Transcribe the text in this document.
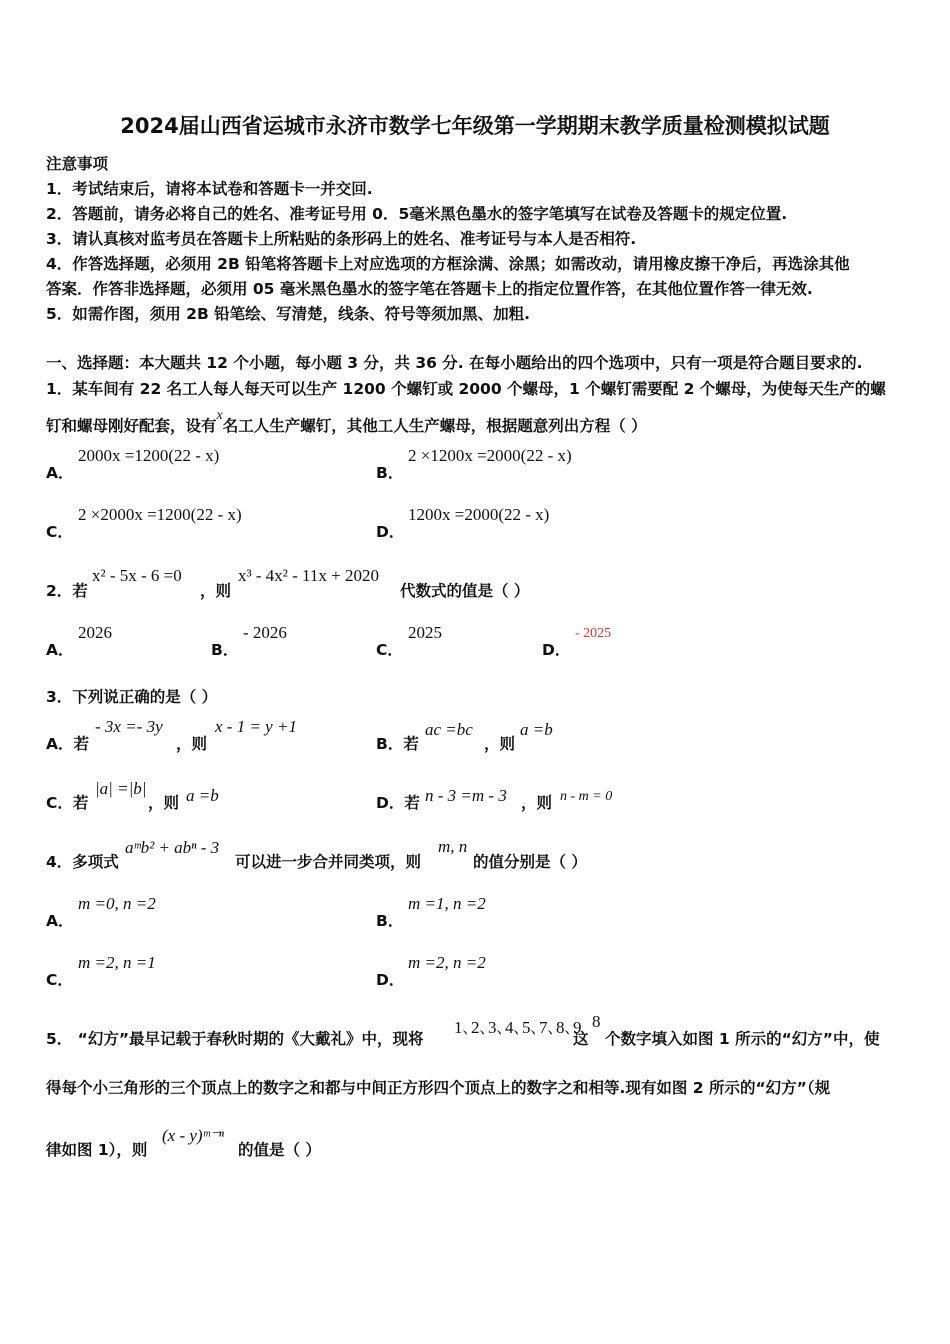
2024届山西省运城市永济市数学七年级第一学期期末教学质量检测模拟试题
注意事项
1．考试结束后，请将本试卷和答题卡一并交回.
2．答题前，请务必将自己的姓名、准考证号用 0．5毫米黑色墨水的签字笔填写在试卷及答题卡的规定位置.
3．请认真核对监考员在答题卡上所粘贴的条形码上的姓名、准考证号与本人是否相符.
4．作答选择题，必须用 2B 铅笔将答题卡上对应选项的方框涂满、涂黑；如需改动，请用橡皮擦干净后，再选涂其他
答案．作答非选择题，必须用 05 毫米黑色墨水的签字笔在答题卡上的指定位置作答，在其他位置作答一律无效.
5．如需作图，须用 2B 铅笔绘、写清楚，线条、符号等须加黑、加粗.
一、选择题：本大题共 12 个小题，每小题 3 分，共 36 分. 在每小题给出的四个选项中，只有一项是符合题目要求的.
1．某车间有 22 名工人每人每天可以生产 1200 个螺钉或 2000 个螺母，1 个螺钉需要配 2 个螺母，为使每天生产的螺
钉和螺母刚好配套，设有x名工人生产螺钉，其他工人生产螺母，根据题意列出方程（ ）
A．
2000x =1200(22 - x)
B．
2 ×1200x =2000(22 - x)
C．
2 ×2000x =1200(22 - x)
D．
1200x =2000(22 - x)
2．若
x² - 5x - 6 =0
，则
x³ - 4x² - 11x + 2020
代数式的值是（ ）
A．
2026
B．
- 2026
C．
2025
D．
- 2025
3．下列说正确的是（ ）
A．若
- 3x =- 3y
，则
x - 1 = y +1
B．若
ac =bc
，则
a =b
C．若
|a| =|b|
，则 a =b	D．若 n - 3 =m - 3 ，则 n - m = 0
4．多项式
aᵐb² + abⁿ - 3
可以进一步合并同类项，则
m, n
的值分别是（ ）
A．
m =0, n =2
B．
m =1, n =2
C．
m =2, n =1
D．
m =2, n =2
5． “幻方”最早记载于春秋时期的《大戴礼》中，现将
1､2､3､4､5､7､8､9
这
8
个数字填入如图 1 所示的“幻方”中，使
得每个小三角形的三个顶点上的数字之和都与中间正方形四个顶点上的数字之和相等.现有如图 2 所示的“幻方”（规
律如图 1），则
(x - y)ᵐ⁻ⁿ
的值是（ ）
